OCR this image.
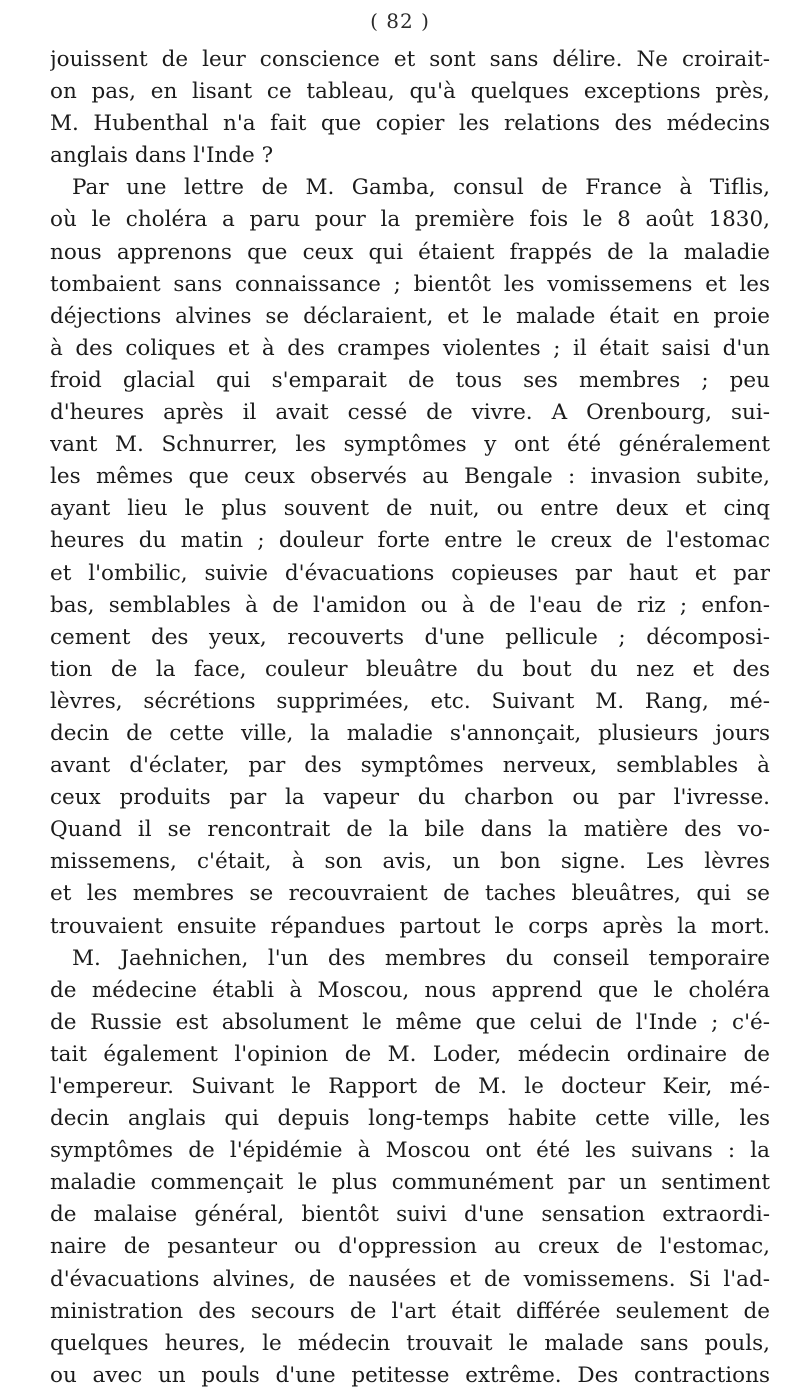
( 82 )
jouissent de leur conscience et sont sans délire. Ne croirait-
on pas, en lisant ce tableau, qu'à quelques exceptions près,
M. Hubenthal n'a fait que copier les relations des médecins
anglais dans l'Inde ?
Par une lettre de M. Gamba, consul de France à Tiflis,
où le choléra a paru pour la première fois le 8 août 1830,
nous apprenons que ceux qui étaient frappés de la maladie
tombaient sans connaissance ; bientôt les vomissemens et les
déjections alvines se déclaraient, et le malade était en proie
à des coliques et à des crampes violentes ; il était saisi d'un
froid glacial qui s'emparait de tous ses membres ; peu
d'heures après il avait cessé de vivre. A Orenbourg, sui-
vant M. Schnurrer, les symptômes y ont été généralement
les mêmes que ceux observés au Bengale : invasion subite,
ayant lieu le plus souvent de nuit, ou entre deux et cinq
heures du matin ; douleur forte entre le creux de l'estomac
et l'ombilic, suivie d'évacuations copieuses par haut et par
bas, semblables à de l'amidon ou à de l'eau de riz ; enfon-
cement des yeux, recouverts d'une pellicule ; décomposi-
tion de la face, couleur bleuâtre du bout du nez et des
lèvres, sécrétions supprimées, etc. Suivant M. Rang, mé-
decin de cette ville, la maladie s'annonçait, plusieurs jours
avant d'éclater, par des symptômes nerveux, semblables à
ceux produits par la vapeur du charbon ou par l'ivresse.
Quand il se rencontrait de la bile dans la matière des vo-
missemens, c'était, à son avis, un bon signe. Les lèvres
et les membres se recouvraient de taches bleuâtres, qui se
trouvaient ensuite répandues partout le corps après la mort.
M. Jaehnichen, l'un des membres du conseil temporaire
de médecine établi à Moscou, nous apprend que le choléra
de Russie est absolument le même que celui de l'Inde ; c'é-
tait également l'opinion de M. Loder, médecin ordinaire de
l'empereur. Suivant le Rapport de M. le docteur Keir, mé-
decin anglais qui depuis long-temps habite cette ville, les
symptômes de l'épidémie à Moscou ont été les suivans : la
maladie commençait le plus communément par un sentiment
de malaise général, bientôt suivi d'une sensation extraordi-
naire de pesanteur ou d'oppression au creux de l'estomac,
d'évacuations alvines, de nausées et de vomissemens. Si l'ad-
ministration des secours de l'art était différée seulement de
quelques heures, le médecin trouvait le malade sans pouls,
ou avec un pouls d'une petitesse extrême. Des contractions
